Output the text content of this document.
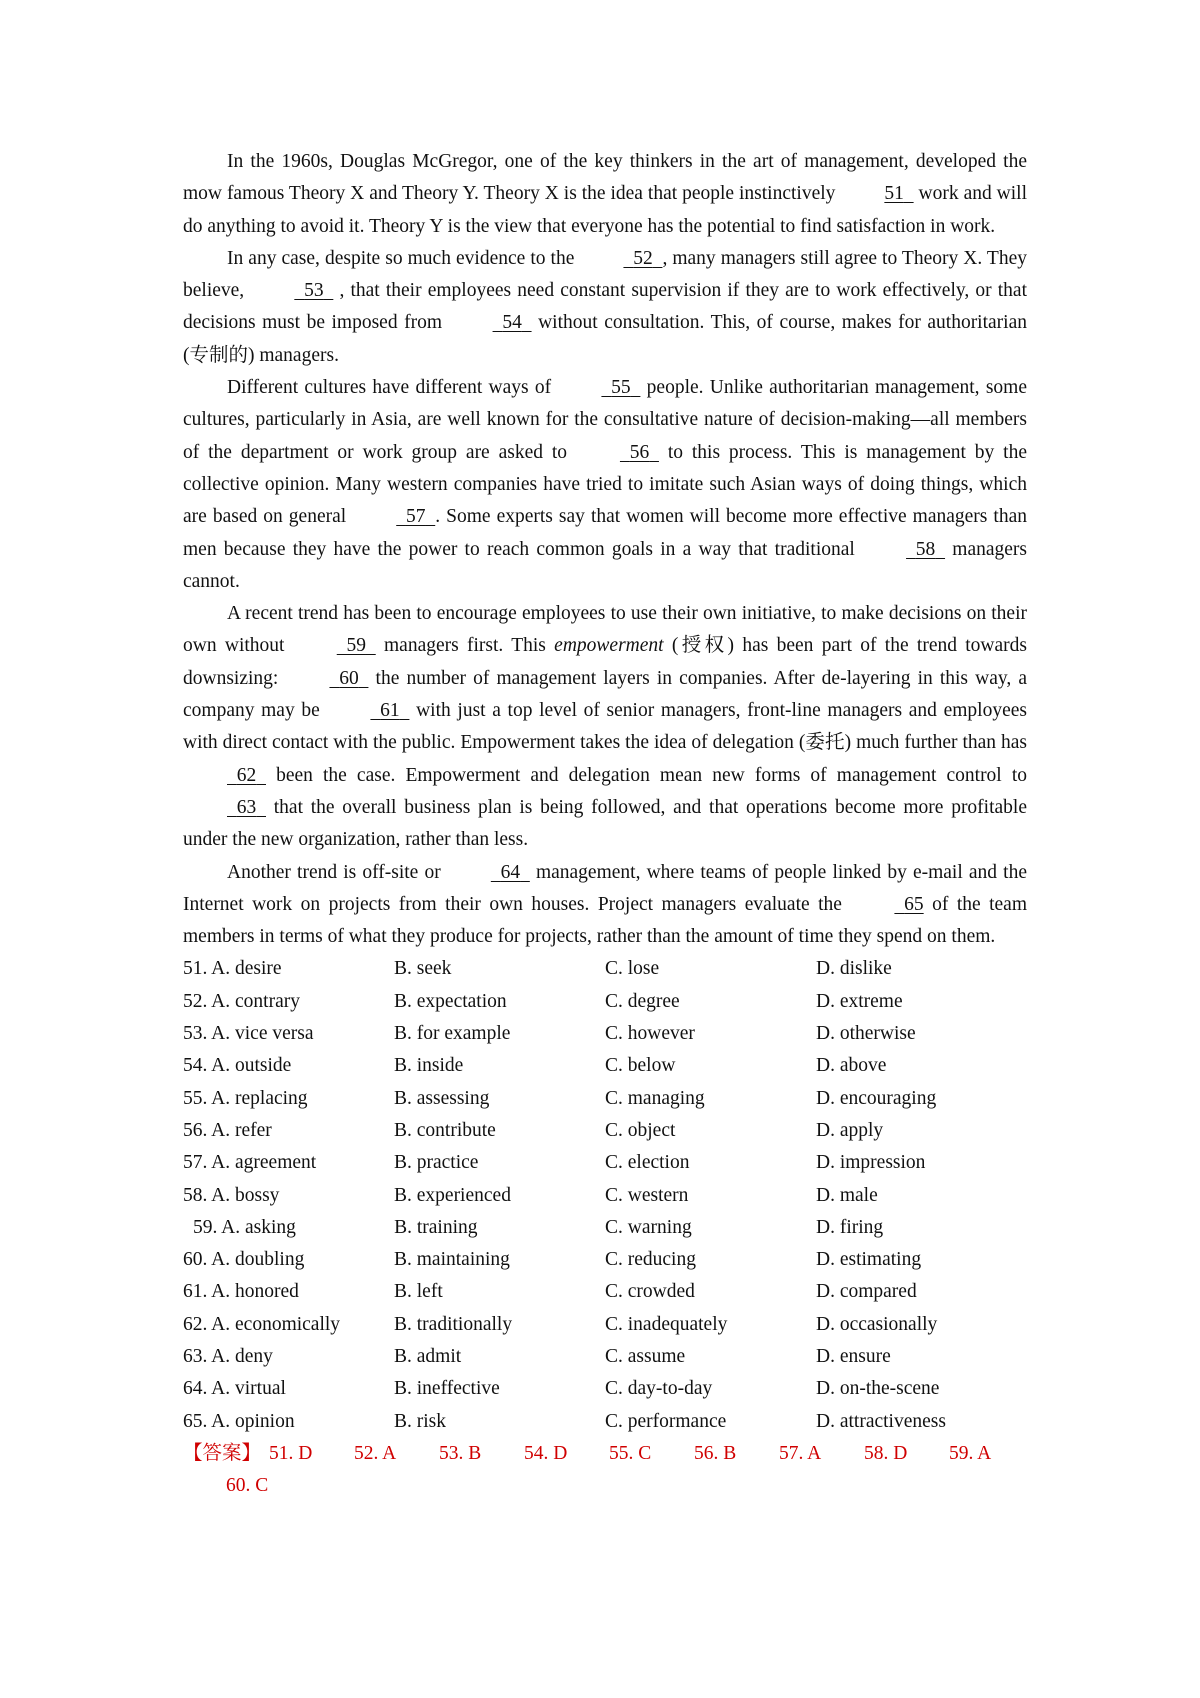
In the 1960s, Douglas McGregor, one of the key thinkers in the art of management, developed the mow famous Theory X and Theory Y. Theory X is the idea that people instinctively 51 work and will do anything to avoid it. Theory Y is the view that everyone has the potential to find satisfaction in work.

In any case, despite so much evidence to the	52 , many managers still agree to Theory X. They believe,	53 , that their employees need constant supervision if they are to work effectively, or that decisions must be imposed from	54 without consultation. This, of course, makes for authoritarian (专制的) managers.

Different cultures have different ways of	55 people. Unlike authoritarian management, some cultures, particularly in Asia, are well known for the consultative nature of decision-making—all members of the department or work group are asked to	56 to this process. This is management by the collective opinion. Many western companies have tried to imitate such Asian ways of doing things, which are based on general	57 . Some experts say that women will become more effective managers than men because they have the power to reach common goals in a way that traditional	58 managers cannot.

A recent trend has been to encourage employees to use their own initiative, to make decisions on their own without	59 managers first. This empowerment (授权) has been part of the trend towards downsizing:	60 the number of management layers in companies. After de-layering in this way, a company may be	61 with just a top level of senior managers, front-line managers and employees with direct contact with the public. Empowerment takes the idea of delegation (委托) much further than has 62 been the case. Empowerment and delegation mean new forms of management control to 63 that the overall business plan is being followed, and that operations become more profitable under the new organization, rather than less.

Another trend is off-site or	64 management, where teams of people linked by e-mail and the Internet work on projects from their own houses. Project managers evaluate the	65 of the team members in terms of what they produce for projects, rather than the amount of time they spend on them.

51. A. desire	B. seek	C. lose	D. dislike
52. A. contrary	B. expectation	C. degree	D. extreme
53. A. vice versa	B. for example	C. however	D. otherwise
54. A. outside	B. inside	C. below	D. above
55. A. replacing	B. assessing	C. managing	D. encouraging
56. A. refer	B. contribute	C. object	D. apply
57. A. agreement	B. practice	C. election	D. impression
58. A. bossy	B. experienced	C. western	D. male
59. A. asking	B. training	C. warning	D. firing
60. A. doubling	B. maintaining	C. reducing	D. estimating
61. A. honored	B. left	C. crowded	D. compared
62. A. economically	B. traditionally	C. inadequately	D. occasionally
63. A. deny	B. admit	C. assume	D. ensure
64. A. virtual	B. ineffective	C. day-to-day	D. on-the-scene
65. A. opinion	B. risk	C. performance	D. attractiveness
【答案】 51. D 52. A 53. B 54. D 55. C 56. B 57. A 58. D 59. A
60. C
